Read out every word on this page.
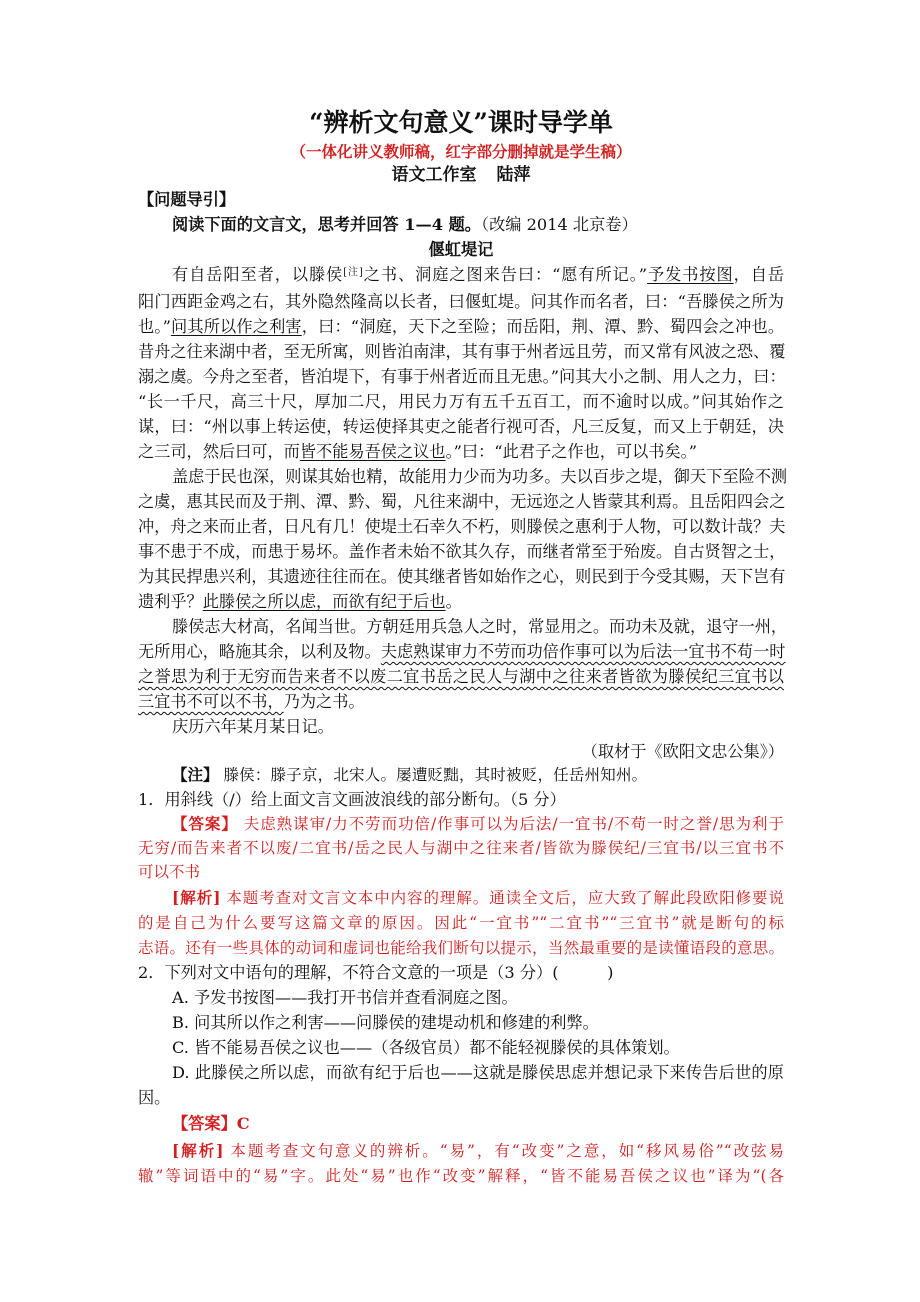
“辨析文句意义”课时导学单
（一体化讲义教师稿，红字部分删掉就是学生稿）
语文工作室 陆萍
【问题导引】
阅读下面的文言文，思考并回答 1—4 题。（改编 2014 北京卷）
偃虹堤记
有自岳阳至者，以滕侯[注]之书、洞庭之图来告曰：“愿有所记。”予发书按图，自岳
阳门西距金鸡之右，其外隐然隆高以长者，曰偃虹堤。问其作而名者，曰：“吾滕侯之所为
也。”问其所以作之利害，曰：“洞庭，天下之至险；而岳阳，荆、潭、黔、蜀四会之冲也。
昔舟之往来湖中者，至无所寓，则皆泊南津，其有事于州者远且劳，而又常有风波之恐、覆
溺之虞。今舟之至者，皆泊堤下，有事于州者近而且无患。”问其大小之制、用人之力，曰：
“长一千尺，高三十尺，厚加二尺，用民力万有五千五百工，而不逾时以成。”问其始作之
谋，曰：“州以事上转运使，转运使择其吏之能者行视可否，凡三反复，而又上于朝廷，决
之三司，然后曰可，而皆不能易吾侯之议也。”曰：“此君子之作也，可以书矣。”
盖虑于民也深，则谋其始也精，故能用力少而为功多。夫以百步之堤，御天下至险不测
之虞，惠其民而及于荆、潭、黔、蜀，凡往来湖中，无远迩之人皆蒙其利焉。且岳阳四会之
冲，舟之来而止者，日凡有几！使堤土石幸久不朽，则滕侯之惠利于人物，可以数计哉？夫
事不患于不成，而患于易坏。盖作者未始不欲其久存，而继者常至于殆废。自古贤智之士，
为其民捍患兴利，其遗迹往往而在。使其继者皆如始作之心，则民到于今受其赐，天下岂有
遗利乎？此滕侯之所以虑，而欲有纪于后也。
滕侯志大材高，名闻当世。方朝廷用兵急人之时，常显用之。而功未及就，退守一州，
无所用心，略施其余，以利及物。夫虑熟谋审力不劳而功倍作事可以为后法一宜书不苟一时
之誉思为利于无穷而告来者不以废二宜书岳之民人与湖中之往来者皆欲为滕侯纪三宜书以
三宜书不可以不书，乃为之书。
庆历六年某月某日记。
（取材于《欧阳文忠公集》）
【注】 滕侯：滕子京，北宋人。屡遭贬黜，其时被贬，任岳州知州。
1．用斜线（/）给上面文言文画波浪线的部分断句。（5 分）
【答案】 夫虑熟谋审/力不劳而功倍/作事可以为后法/一宜书/不苟一时之誉/思为利于
无穷/而告来者不以废/二宜书/岳之民人与湖中之往来者/皆欲为滕侯纪/三宜书/以三宜书不
可以不书
[解析] 本题考查对文言文本中内容的理解。通读全文后，应大致了解此段欧阳修要说
的是自己为什么要写这篇文章的原因。因此“一宜书”“二宜书”“三宜书”就是断句的标
志语。还有一些具体的动词和虚词也能给我们断句以提示，当然最重要的是读懂语段的意思。
2．下列对文中语句的理解，不符合文意的一项是（3 分）(　　　)
A. 予发书按图——我打开书信并查看洞庭之图。
B. 问其所以作之利害——问滕侯的建堤动机和修建的利弊。
C. 皆不能易吾侯之议也——（各级官员）都不能轻视滕侯的具体策划。
D. 此滕侯之所以虑，而欲有纪于后也——这就是滕侯思虑并想记录下来传告后世的原
因。
【答案】C
[解析] 本题考查文句意义的辨析。“易”，有“改变”之意，如“移风易俗”“改弦易
辙”等词语中的“易”字。此处“易”也作“改变”解释，“皆不能易吾侯之议也”译为“(各
